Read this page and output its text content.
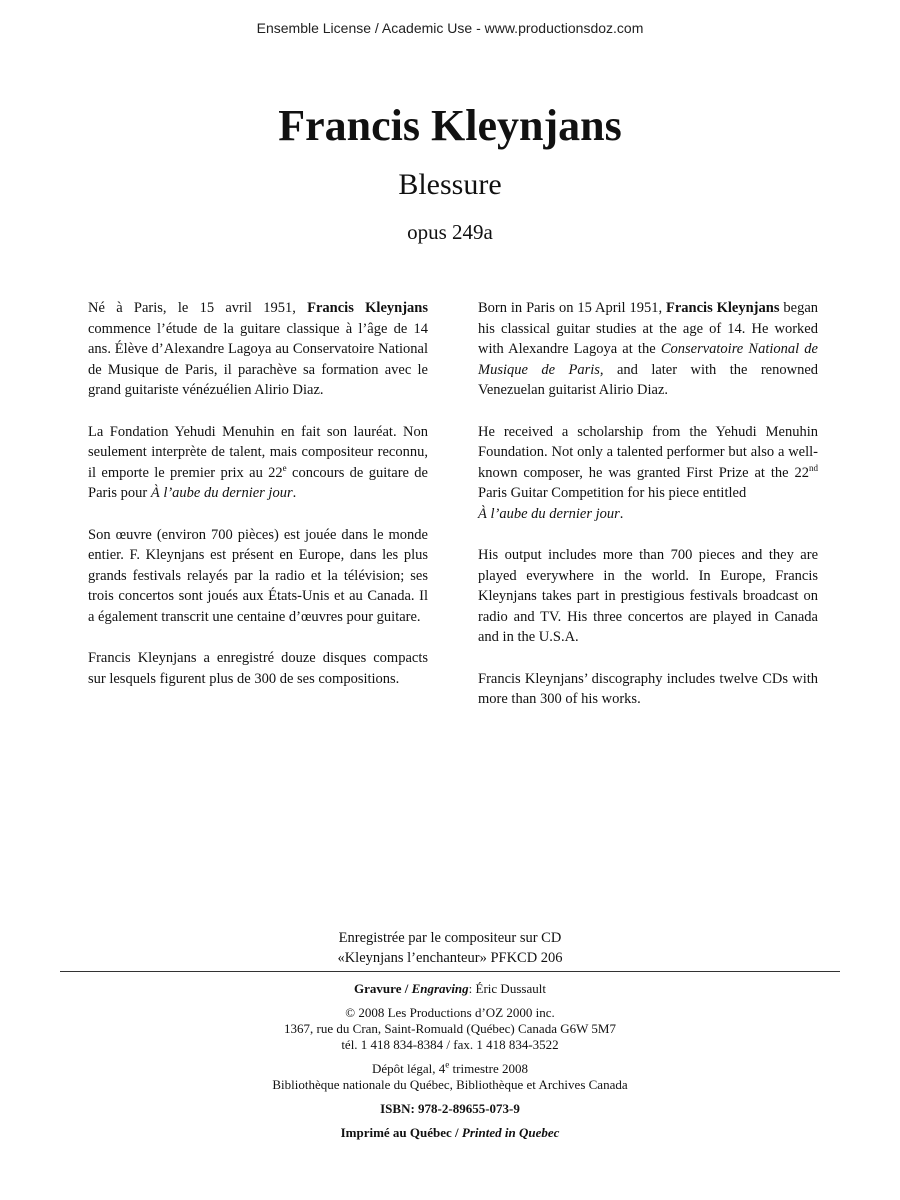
Ensemble License / Academic Use - www.productionsdoz.com
Francis Kleynjans
Blessure
opus 249a

Né à Paris, le 15 avril 1951, Francis Kleynjans commence l’étude de la guitare classique à l’âge de 14 ans. Élève d’Alexandre Lagoya au Conservatoire National de Musique de Paris, il parachève sa formation avec le grand guitariste vénézuélien Alirio Diaz.

La Fondation Yehudi Menuhin en fait son lauréat. Non seulement interprète de talent, mais compositeur reconnu, il emporte le premier prix au 22e concours de guitare de Paris pour À l’aube du dernier jour.

Son œuvre (environ 700 pièces) est jouée dans le monde entier. F. Kleynjans est présent en Europe, dans les plus grands festivals relayés par la radio et la télévision; ses trois concertos sont joués aux États-Unis et au Canada. Il a également transcrit une centaine d’œuvres pour guitare.

Francis Kleynjans a enregistré douze disques compacts sur lesquels figurent plus de 300 de ses compositions.

Born in Paris on 15 April 1951, Francis Kleynjans began his classical guitar studies at the age of 14. He worked with Alexandre Lagoya at the Conservatoire National de Musique de Paris, and later with the renowned Venezuelan guitarist Alirio Diaz.

He received a scholarship from the Yehudi Menuhin Foundation. Not only a talented performer but also a well-known composer, he was granted First Prize at the 22nd Paris Guitar Competition for his piece entitled
À l’aube du dernier jour.

His output includes more than 700 pieces and they are played everywhere in the world. In Europe, Francis Kleynjans takes part in prestigious festivals broadcast on radio and TV. His three concertos are played in Canada and in the U.S.A.

Francis Kleynjans’ discography includes twelve CDs with more than 300 of his works.

Enregistrée par le compositeur sur CD
«Kleynjans l’enchanteur» PFKCD 206
Gravure / Engraving: Éric Dussault
© 2008 Les Productions d’OZ 2000 inc.
1367, rue du Cran, Saint-Romuald (Québec) Canada G6W 5M7
tél. 1 418 834-8384 / fax. 1 418 834-3522
Dépôt légal, 4e trimestre 2008
Bibliothèque nationale du Québec, Bibliothèque et Archives Canada
ISBN: 978-2-89655-073-9
Imprimé au Québec / Printed in Quebec
